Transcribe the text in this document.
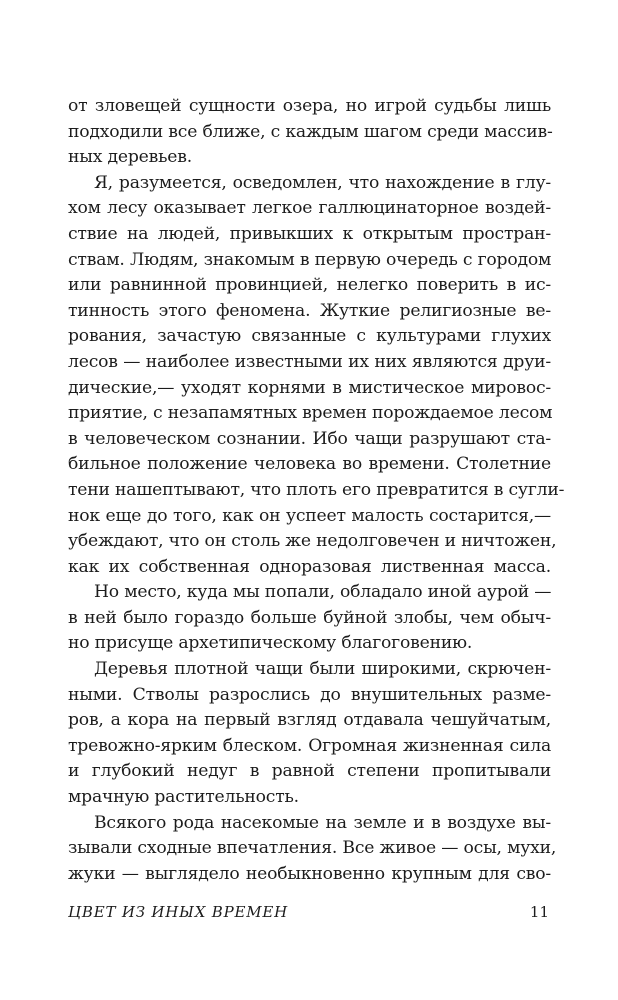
от зловещей сущности озера, но игрой судьбы лишь
подходили все ближе, с каждым шагом среди массив-
ных деревьев.
Я, разумеется, осведомлен, что нахождение в глу-
хом лесу оказывает легкое галлюцинаторное воздей-
ствие на людей, привыкших к открытым простран-
ствам. Людям, знакомым в первую очередь с городом
или равнинной провинцией, нелегко поверить в ис-
тинность этого феномена. Жуткие религиозные ве-
рования, зачастую связанные с культурами глухих
лесов — наиболее известными их них являются друи-
дические,— уходят корнями в мистическое мировос-
приятие, с незапамятных времен порождаемое лесом
в человеческом сознании. Ибо чащи разрушают ста-
бильное положение человека во времени. Столетние
тени нашептывают, что плоть его превратится в сугли-
нок еще до того, как он успеет малость состарится,—
убеждают, что он столь же недолговечен и ничтожен,
как их собственная одноразовая лиственная масса.
Но место, куда мы попали, обладало иной аурой —
в ней было гораздо больше буйной злобы, чем обыч-
но присуще архетипическому благоговению.
Деревья плотной чащи были широкими, скрючен-
ными. Стволы разрослись до внушительных разме-
ров, а кора на первый взгляд отдавала чешуйчатым,
тревожно-ярким блеском. Огромная жизненная сила
и глубокий недуг в равной степени пропитывали
мрачную растительность.
Всякого рода насекомые на земле и в воздухе вы-
зывали сходные впечатления. Все живое — осы, мухи,
жуки — выглядело необыкновенно крупным для сво-
ЦВЕТ ИЗ ИНЫХ ВРЕМЕН	11
